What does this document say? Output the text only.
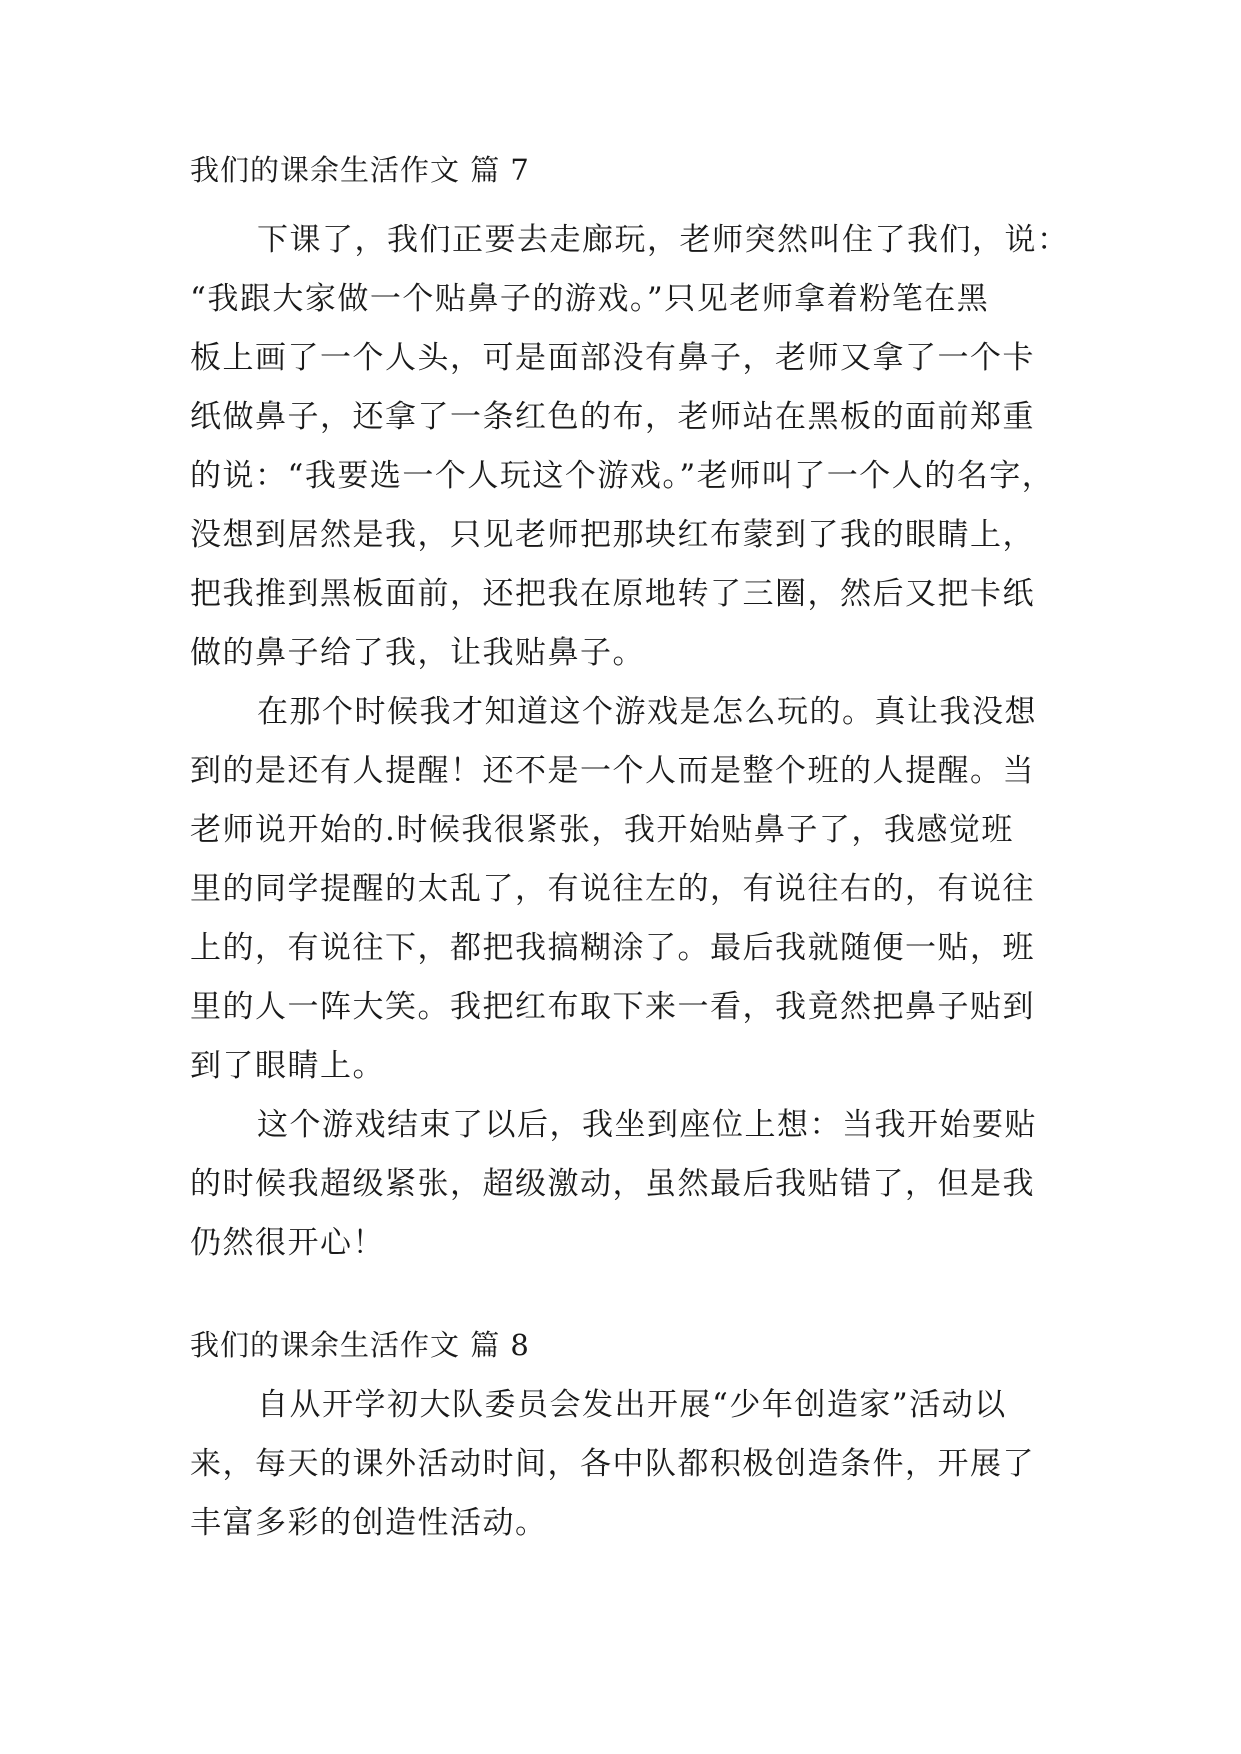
我们的课余生活作文 篇 7
下课了，我们正要去走廊玩，老师突然叫住了我们，说：
“我跟大家做一个贴鼻子的游戏。”只见老师拿着粉笔在黑
板上画了一个人头，可是面部没有鼻子，老师又拿了一个卡
纸做鼻子，还拿了一条红色的布，老师站在黑板的面前郑重
的说：“我要选一个人玩这个游戏。”老师叫了一个人的名字，
没想到居然是我，只见老师把那块红布蒙到了我的眼睛上，
把我推到黑板面前，还把我在原地转了三圈，然后又把卡纸
做的鼻子给了我，让我贴鼻子。
在那个时候我才知道这个游戏是怎么玩的。真让我没想
到的是还有人提醒！还不是一个人而是整个班的人提醒。当
老师说开始的.时候我很紧张，我开始贴鼻子了，我感觉班
里的同学提醒的太乱了，有说往左的，有说往右的，有说往
上的，有说往下，都把我搞糊涂了。最后我就随便一贴，班
里的人一阵大笑。我把红布取下来一看，我竟然把鼻子贴到
到了眼睛上。
这个游戏结束了以后，我坐到座位上想：当我开始要贴
的时候我超级紧张，超级激动，虽然最后我贴错了，但是我
仍然很开心！
我们的课余生活作文 篇 8
自从开学初大队委员会发出开展“少年创造家”活动以
来，每天的课外活动时间，各中队都积极创造条件，开展了
丰富多彩的创造性活动。
